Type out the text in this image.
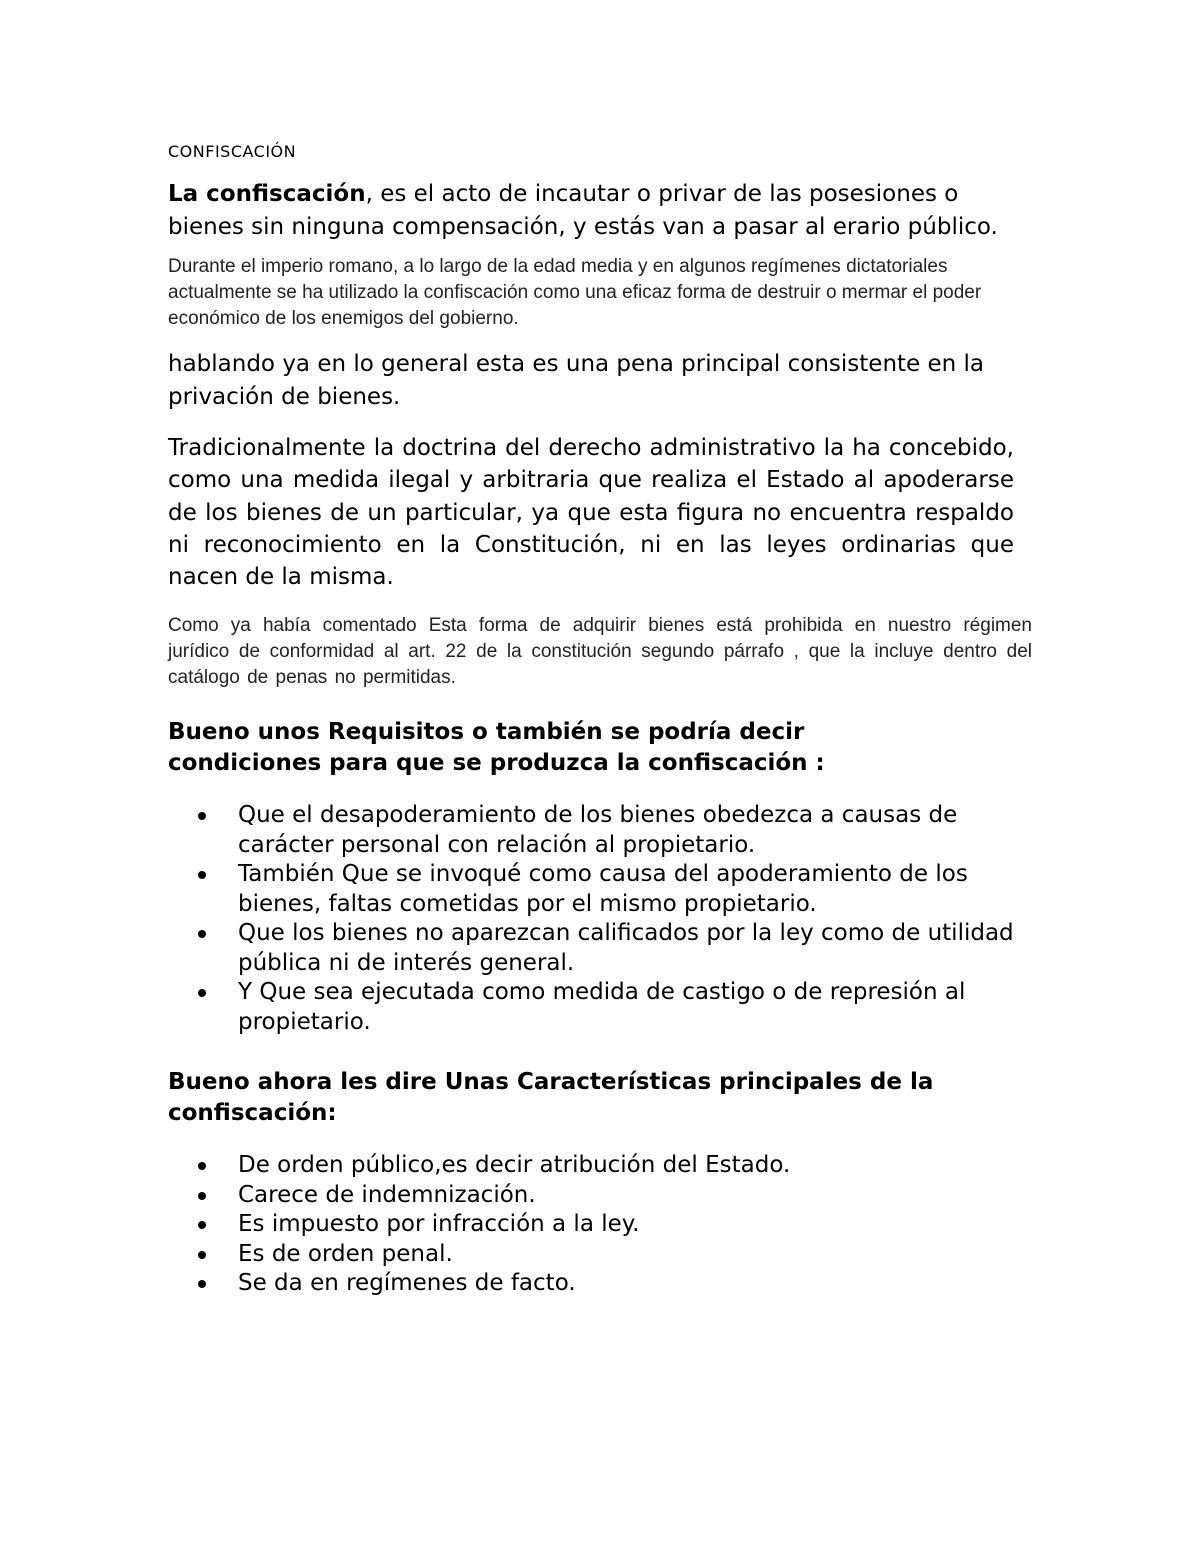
CONFISCACIÓN

La confiscación, es el acto de incautar o privar de las posesiones o bienes sin ninguna compensación, y estás van a pasar al erario público.

Durante el imperio romano, a lo largo de la edad media y en algunos regímenes dictatoriales actualmente se ha utilizado la confiscación como una eficaz forma de destruir o mermar el poder económico de los enemigos del gobierno.

hablando ya en lo general esta es una pena principal consistente en la privación de bienes.

Tradicionalmente la doctrina del derecho administrativo la ha concebido, como una medida ilegal y arbitraria que realiza el Estado al apoderarse de los bienes de un particular, ya que esta figura no encuentra respaldo ni reconocimiento en la Constitución, ni en las leyes ordinarias que nacen de la misma.

Como ya había comentado Esta forma de adquirir bienes está prohibida en nuestro régimen jurídico de conformidad al art. 22 de la constitución segundo párrafo , que la incluye dentro del catálogo de penas no permitidas.

Bueno unos Requisitos o también se podría decir condiciones para que se produzca la confiscación :

Que el desapoderamiento de los bienes obedezca a causas de carácter personal con relación al propietario.
También Que se invoqué como causa del apoderamiento de los bienes, faltas cometidas por el mismo propietario.
Que los bienes no aparezcan calificados por la ley como de utilidad pública ni de interés general.
Y Que sea ejecutada como medida de castigo o de represión al propietario.

Bueno ahora les dire Unas Características principales de la confiscación:

De orden público,es decir atribución del Estado.
Carece de indemnización.
Es impuesto por infracción a la ley.
Es de orden penal.
Se da en regímenes de facto.
